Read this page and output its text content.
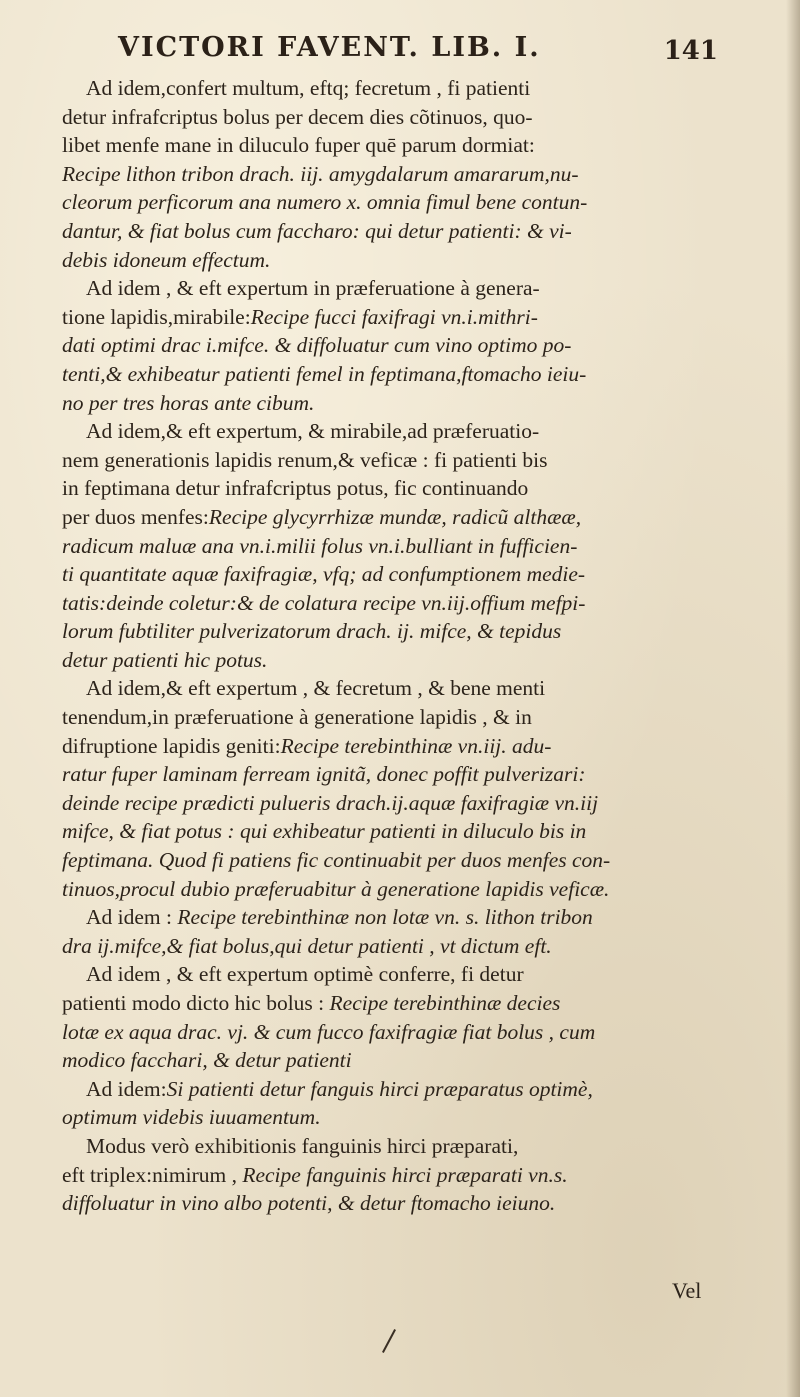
VICTORI FAVENT. LIB. I.	141
Ad idem,confert multum, eftq; fecretum , fi patienti
detur infrafcriptus bolus per decem dies cõtinuos, quo-
libet menfe mane in diluculo fuper quē parum dormiat:
Recipe lithon tribon drach. iij. amygdalarum amararum,nu-
cleorum perficorum ana numero x. omnia fimul bene contun-
dantur, & fiat bolus cum faccharo: qui detur patienti: & vi-
debis idoneum effectum.
Ad idem , & eft expertum in præferuatione à genera-
tione lapidis,mirabile:Recipe fucci faxifragi vn.i.mithri-
dati optimi drac i.mifce. & diffoluatur cum vino optimo po-
tenti,& exhibeatur patienti femel in feptimana,ftomacho ieiu-
no per tres horas ante cibum.
Ad idem,& eft expertum, & mirabile,ad præferuatio-
nem generationis lapidis renum,& veficæ : fi patienti bis
in feptimana detur infrafcriptus potus, fic continuando
per duos menfes:Recipe glycyrrhizæ mundæ, radicũ althææ,
radicum maluæ ana vn.i.milii folus vn.i.bulliant in fufficien-
ti quantitate aquæ faxifragiæ, vfq; ad confumptionem medie-
tatis:deinde coletur:& de colatura recipe vn.iij.offium mefpi-
lorum fubtiliter pulverizatorum drach. ij. mifce, & tepidus
detur patienti hic potus.
Ad idem,& eft expertum , & fecretum , & bene menti
tenendum,in præferuatione à generatione lapidis , & in
difruptione lapidis geniti:Recipe terebinthinæ vn.iij. adu-
ratur fuper laminam ferream ignitã, donec poffit pulverizari:
deinde recipe prædicti pulueris drach.ij.aquæ faxifragiæ vn.iij
mifce, & fiat potus : qui exhibeatur patienti in diluculo bis in
feptimana. Quod fi patiens fic continuabit per duos menfes con-
tinuos,procul dubio præferuabitur à generatione lapidis veficæ.
Ad idem : Recipe terebinthinæ non lotæ vn. s. lithon tribon
dra ij.mifce,& fiat bolus,qui detur patienti , vt dictum eft.
Ad idem , & eft expertum optimè conferre, fi detur
patienti modo dicto hic bolus : Recipe terebinthinæ decies
lotæ ex aqua drac. vj. & cum fucco faxifragiæ fiat bolus , cum
modico facchari, & detur patienti
Ad idem:Si patienti detur fanguis hirci præparatus optimè,
optimum videbis iuuamentum.
Modus verò exhibitionis fanguinis hirci præparati,
eft triplex:nimirum , Recipe fanguinis hirci præparati vn.s.
diffoluatur in vino albo potenti, & detur ftomacho ieiuno.
Vel
